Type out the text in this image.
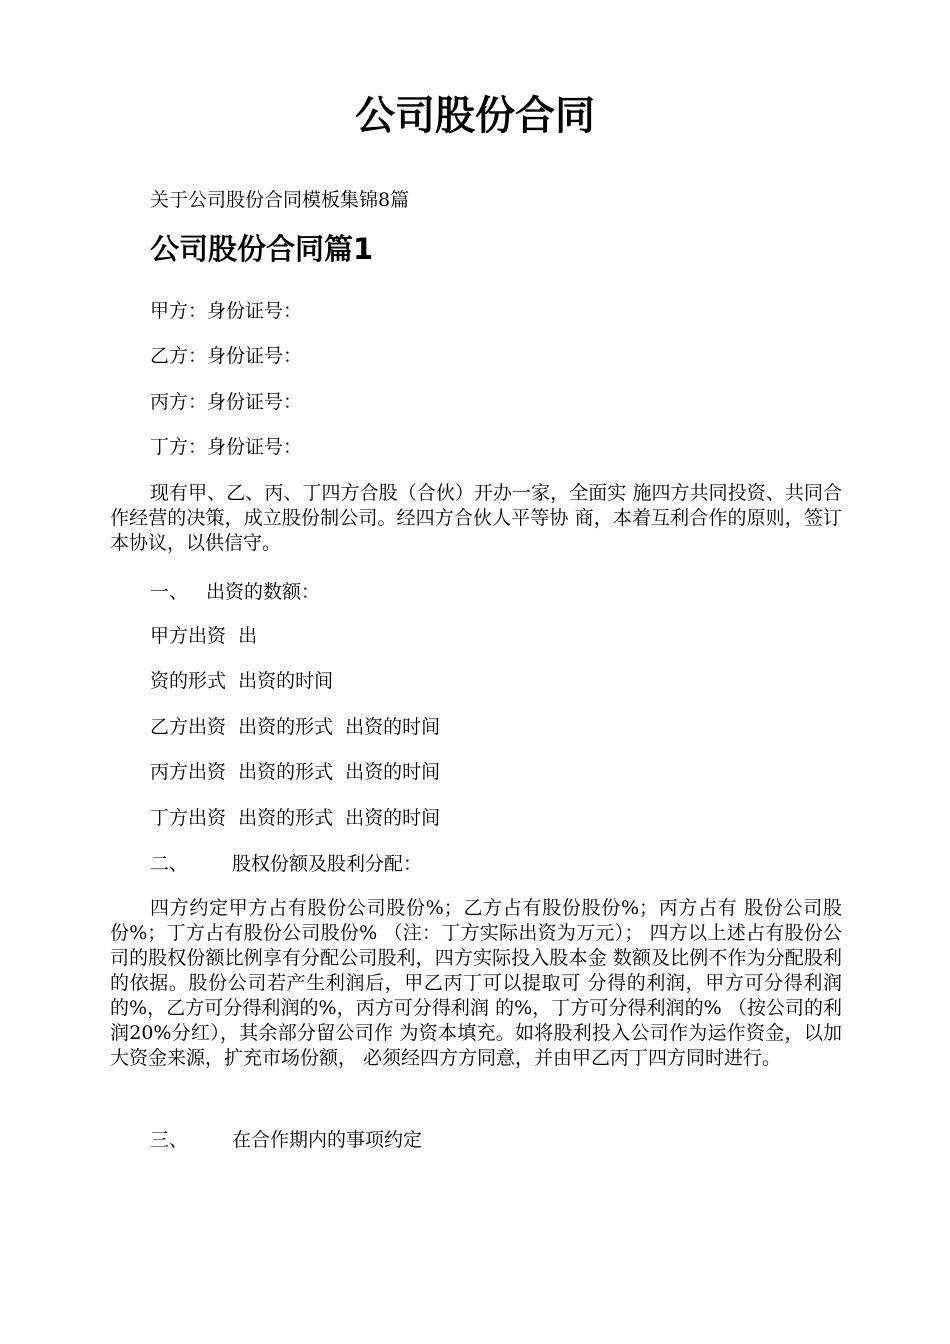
公司股份合同

关于公司股份合同模板集锦8篇

公司股份合同篇1

甲方：身份证号：

乙方：身份证号：

丙方：身份证号：

丁方：身份证号：

现有甲、乙、丙、丁四方合股（合伙）开办一家，全面实 施四方共同投资、共同合作经营的决策，成立股份制公司。经四方合伙人平等协 商，本着互利合作的原则，签订本协议，以供信守。

一、 出资的数额：

甲方出资  出

资的形式  出资的时间

乙方出资  出资的形式  出资的时间

丙方出资  出资的形式  出资的时间

丁方出资  出资的形式  出资的时间

二、 股权份额及股利分配：

四方约定甲方占有股份公司股份%；乙方占有股份股份%；丙方占有 股份公司股份%；丁方占有股份公司股份% （注：丁方实际出资为万元）； 四方以上述占有股份公司的股权份额比例享有分配公司股利，四方实际投入股本金 数额及比例不作为分配股利的依据。股份公司若产生利润后，甲乙丙丁可以提取可 分得的利润，甲方可分得利润的%，乙方可分得利润的%，丙方可分得利润 的%，丁方可分得利润的% （按公司的利润20%分红），其余部分留公司作 为资本填充。如将股利投入公司作为运作资金，以加大资金来源，扩充市场份额， 必须经四方方同意，并由甲乙丙丁四方同时进行。

三、 在合作期内的事项约定
